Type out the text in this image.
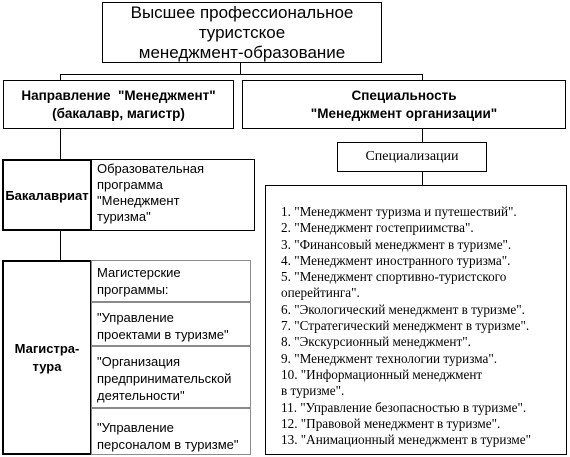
Высшее профессиональное туристское
менеджмент-образование
Направление  "Менеджмент"
(бакалавр, магистр)
Специальность
"Менеджмент организации"
Специализации
Бакалавриат
Образовательная
программа
"Менеджмент
туризма"
Магистра-
тура
Магистерские
программы:
"Управление
проектами в туризме"
"Организация
предпринимательской
деятельности"
"Управление
персоналом в туризме"
1. "Менеджмент туризма и путешествий".
2. "Менеджмент гостеприимства".
3. "Финансовый менеджмент в туризме".
4. "Менеджмент иностранного туризма".
5. "Менеджмент спортивно-туристского
оперейтинга".
6. "Экологический менеджмент в туризме".
7. "Стратегический менеджмент в туризме".
8. "Экскурсионный менеджмент".
9. "Менеджмент технологии туризма".
10. "Информационный менеджмент
в туризме".
11. "Управление безопасностью в туризме".
12. "Правовой менеджмент в туризме".
13. "Анимационный менеджмент в туризме"
